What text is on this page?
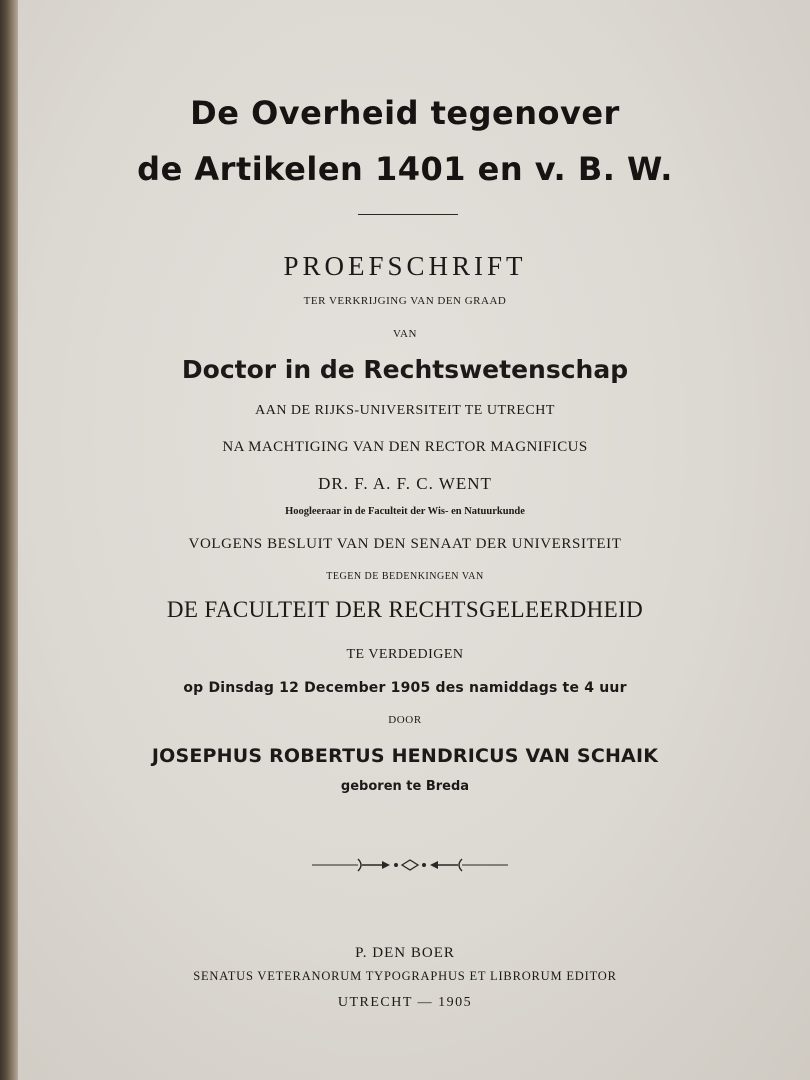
De Overheid tegenover
de Artikelen 1401 en v. B. W.
PROEFSCHRIFT
TER VERKRIJGING VAN DEN GRAAD
VAN
Doctor in de Rechtswetenschap
AAN DE RIJKS-UNIVERSITEIT TE UTRECHT
NA MACHTIGING VAN DEN RECTOR MAGNIFICUS
DR. F. A. F. C. WENT
Hoogleeraar in de Faculteit der Wis- en Natuurkunde
VOLGENS BESLUIT VAN DEN SENAAT DER UNIVERSITEIT
TEGEN DE BEDENKINGEN VAN
DE FACULTEIT DER RECHTSGELEERDHEID
TE VERDEDIGEN
op Dinsdag 12 December 1905 des namiddags te 4 uur
DOOR
JOSEPHUS ROBERTUS HENDRICUS VAN SCHAIK
geboren te Breda
P. DEN BOER
SENATUS VETERANORUM TYPOGRAPHUS ET LIBRORUM EDITOR
UTRECHT — 1905
